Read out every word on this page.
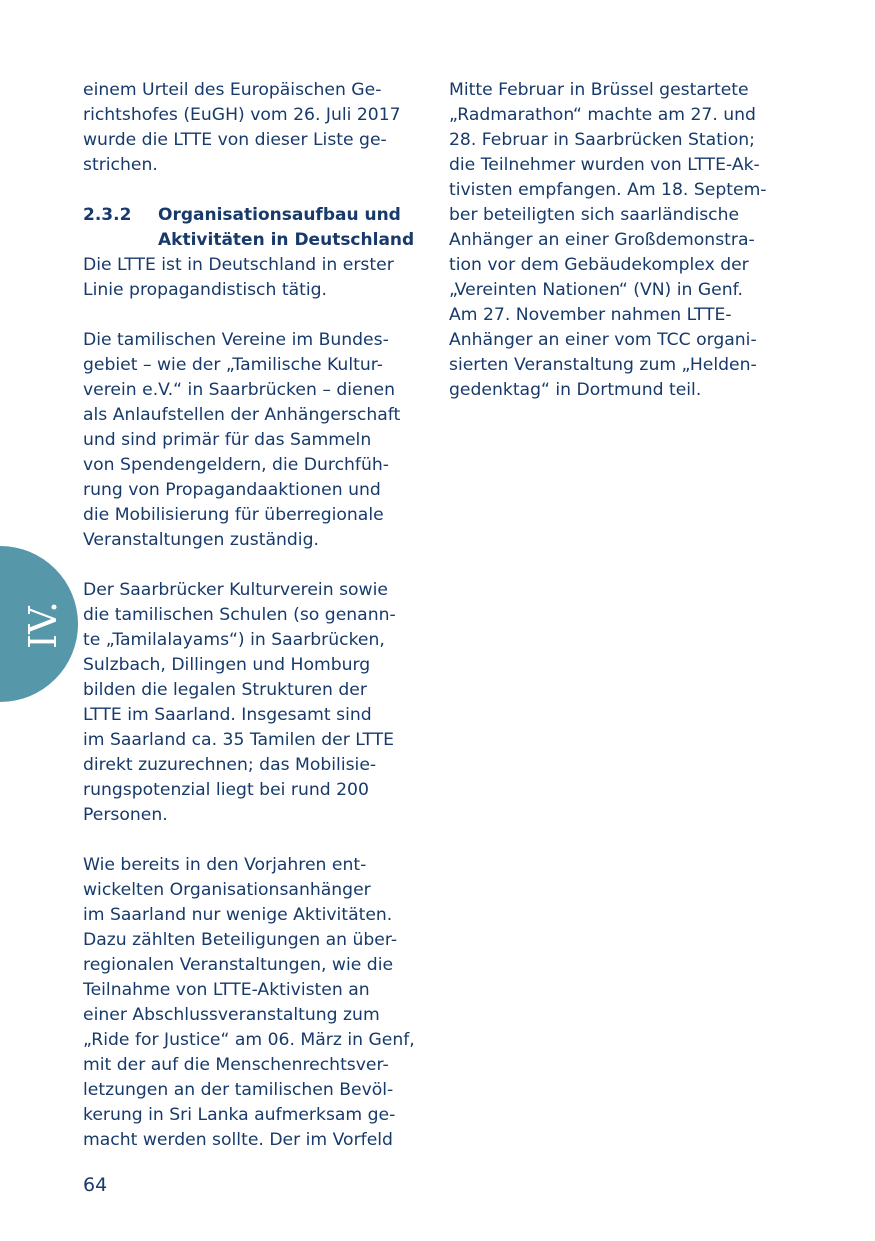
IV.

einem Urteil des Europäischen Ge-
richtshofes (EuGH) vom 26. Juli 2017
wurde die LTTE von dieser Liste ge-
strichen.

2.3.2	Organisationsaufbau und
Aktivitäten in Deutschland

Die LTTE ist in Deutschland in erster
Linie propagandistisch tätig.

Die tamilischen Vereine im Bundes-
gebiet – wie der „Tamilische Kultur-
verein e.V.“ in Saarbrücken – dienen
als Anlaufstellen der Anhängerschaft
und sind primär für das Sammeln
von Spendengeldern, die Durchfüh-
rung von Propagandaaktionen und
die Mobilisierung für überregionale
Veranstaltungen zuständig.

Der Saarbrücker Kulturverein sowie
die tamilischen Schulen (so genann-
te „Tamilalayams“) in Saarbrücken,
Sulzbach, Dillingen und Homburg
bilden die legalen Strukturen der
LTTE im Saarland. Insgesamt sind
im Saarland ca. 35 Tamilen der LTTE
direkt zuzurechnen; das Mobilisie-
rungspotenzial liegt bei rund 200
Personen.

Wie bereits in den Vorjahren ent-
wickelten Organisationsanhänger
im Saarland nur wenige Aktivitäten.
Dazu zählten Beteiligungen an über-
regionalen Veranstaltungen, wie die
Teilnahme von LTTE-Aktivisten an
einer Abschlussveranstaltung zum
„Ride for Justice“ am 06. März in Genf,
mit der auf die Menschenrechtsver-
letzungen an der tamilischen Bevöl-
kerung in Sri Lanka aufmerksam ge-
macht werden sollte. Der im Vorfeld

Mitte Februar in Brüssel gestartete
„Radmarathon“ machte am 27. und
28. Februar in Saarbrücken Station;
die Teilnehmer wurden von LTTE-Ak-
tivisten empfangen. Am 18. Septem-
ber beteiligten sich saarländische
Anhänger an einer Großdemonstra-
tion vor dem Gebäudekomplex der
„Vereinten Nationen“ (VN) in Genf.
Am 27. November nahmen LTTE-
Anhänger an einer vom TCC organi-
sierten Veranstaltung zum „Helden-
gedenktag“ in Dortmund teil.

64
